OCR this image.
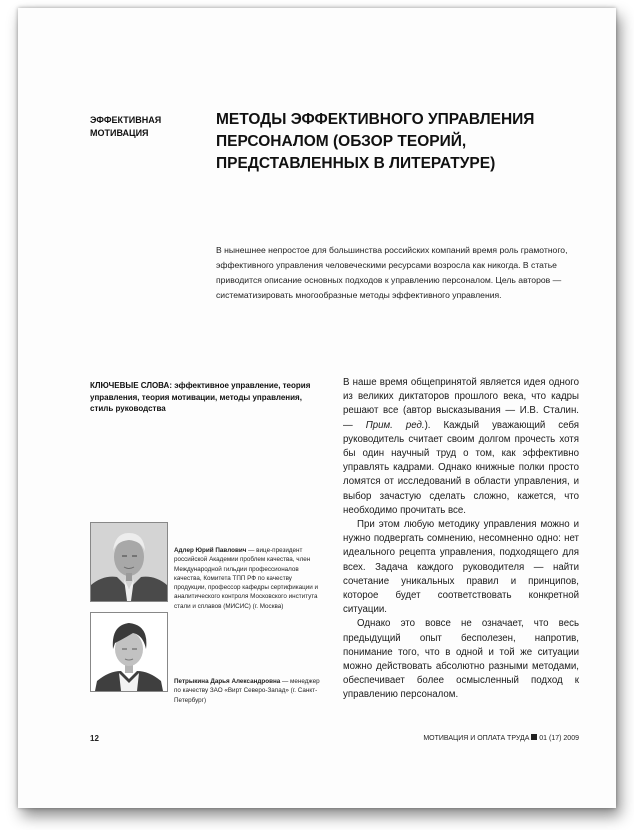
ЭФФЕКТИВНАЯ МОТИВАЦИЯ
МЕТОДЫ ЭФФЕКТИВНОГО УПРАВЛЕНИЯ ПЕРСОНАЛОМ (ОБЗОР ТЕОРИЙ, ПРЕДСТАВЛЕННЫХ В ЛИТЕРАТУРЕ)

В нынешнее непростое для большинства российских компаний время роль грамотного, эффективного управления человеческими ресурсами возросла как никогда. В статье приводится описание основных подходов к управлению персоналом. Цель авторов — систематизировать многообразные методы эффективного управления.

КЛЮЧЕВЫЕ СЛОВА: эффективное управление, теория управления, теория мотивации, методы управления, стиль руководства
Адлер Юрий Павлович — вице-президент российской Академии проблем качества, член Международной гильдии профессионалов качества, Комитета ТПП РФ по качеству продукции, профессор кафедры сертификации и аналитического контроля Московского института стали и сплавов (МИСИС) (г. Москва)
Петрыкина Дарья Александровна — менеджер по качеству ЗАО «Вирт Северо-Запад» (г. Санкт-Петербург)

В наше время общепринятой является идея одного из великих диктаторов прошлого века, что кадры решают все (автор высказывания — И.В. Сталин. — Прим. ред.). Каждый уважающий себя руководитель считает своим долгом прочесть хотя бы один научный труд о том, как эффективно управлять кадрами. Однако книжные полки просто ломятся от исследований в области управления, и выбор зачастую сделать сложно, кажется, что необходимо прочитать все.

При этом любую методику управления можно и нужно подвергать сомнению, несомненно одно: нет идеального рецепта управления, подходящего для всех. Задача каждого руководителя — найти сочетание уникальных правил и принципов, которое будет соответствовать конкретной ситуации.

Однако это вовсе не означает, что весь предыдущий опыт бесполезен, напротив, понимание того, что в одной и той же ситуации можно действовать абсолютно разными методами, обеспечивает более осмысленный подход к управлению персоналом.

12	МОТИВАЦИЯ И ОПЛАТА ТРУДА  01 (17) 2009
